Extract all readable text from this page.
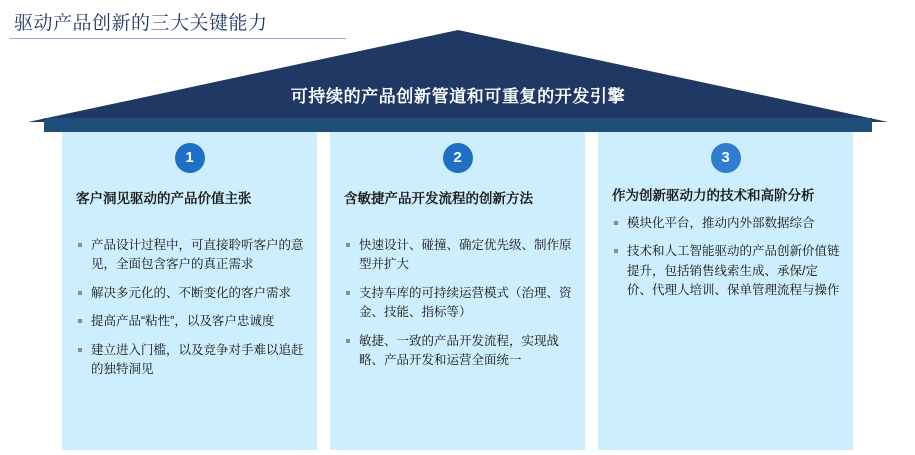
驱动产品创新的三大关键能力
可持续的产品创新管道和可重复的开发引擎
1
客户洞见驱动的产品价值主张
产品设计过程中，可直接聆听客户的意见，全面包含客户的真正需求
解决多元化的、不断变化的客户需求
提高产品“粘性”，以及客户忠诚度
建立进入门槛，以及竞争对手难以追赶的独特洞见
2
含敏捷产品开发流程的创新方法
快速设计、碰撞、确定优先级、制作原型并扩大
支持车库的可持续运营模式（治理、资金、技能、指标等）
敏捷、一致的产品开发流程，实现战略、产品开发和运营全面统一
3
作为创新驱动力的技术和高阶分析
模块化平台，推动内外部数据综合
技术和人工智能驱动的产品创新价值链提升，包括销售线索生成、承保/定价、代理人培训、保单管理流程与操作
